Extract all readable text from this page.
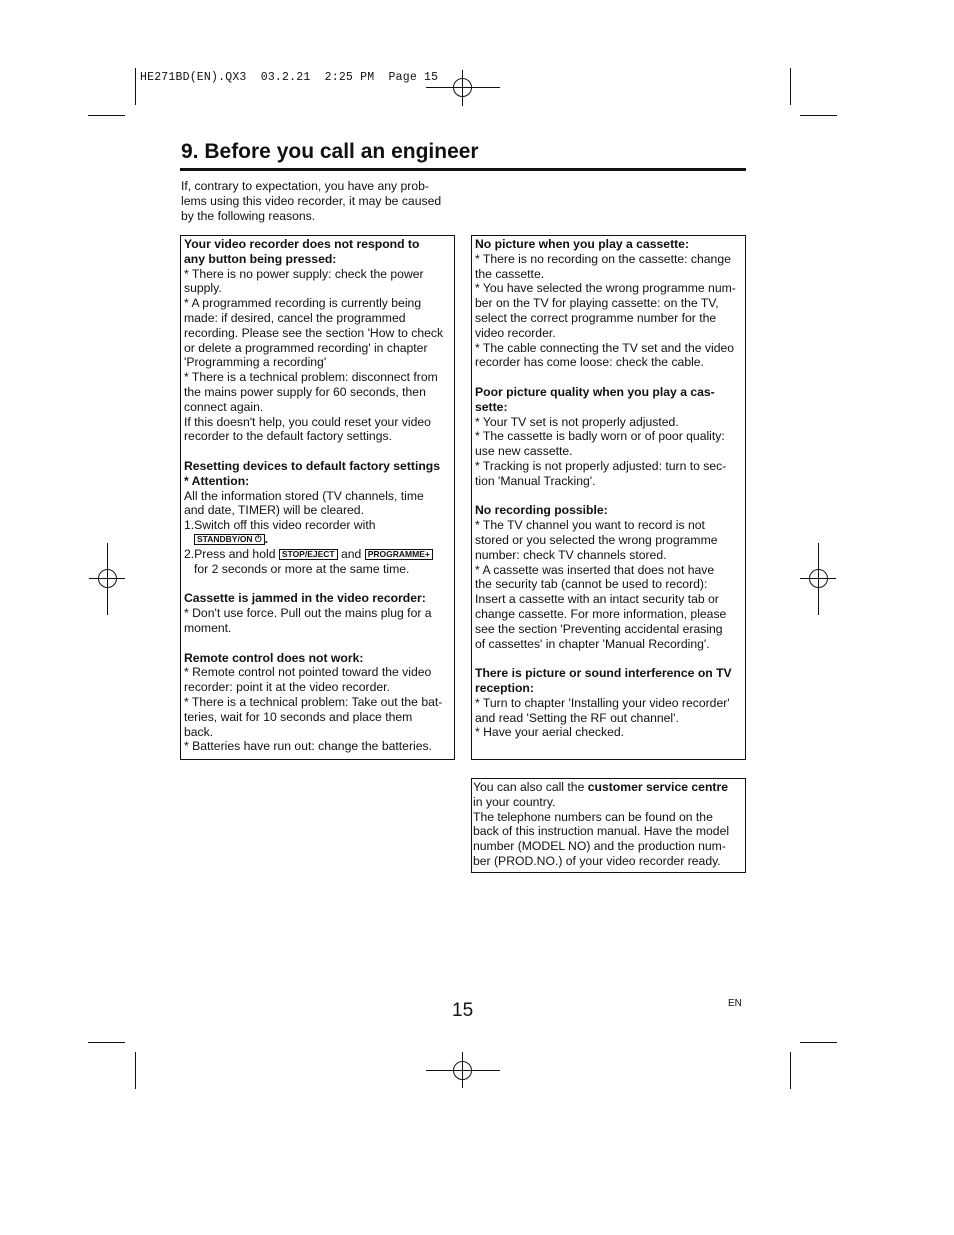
HE271BD(EN).QX3  03.2.21  2:25 PM  Page 15
9. Before you call an engineer
If, contrary to expectation, you have any prob-
lems using this video recorder, it may be caused
by the following reasons.

Your video recorder does not respond to
any button being pressed:

* There is no power supply: check the power

supply.

* A programmed recording is currently being

made: if desired, cancel the programmed

recording. Please see the section 'How to check

or delete a programmed recording' in chapter

'Programming a recording'

* There is a technical problem: disconnect from

the mains power supply for 60 seconds, then

connect again.

If this doesn't help, you could reset your video

recorder to the default factory settings.

Resetting devices to default factory settings
* Attention:

All the information stored (TV channels, time

and date, TIMER) will be cleared.

1.Switch off this video recorder with

STANDBY/ON ⏻ .

2.Press and hold STOP/EJECT and PROGRAMME+

for 2 seconds or more at the same time.

Cassette is jammed in the video recorder:

* Don't use force. Pull out the mains plug for a

moment.

Remote control does not work:

* Remote control not pointed toward the video

recorder: point it at the video recorder.

* There is a technical problem: Take out the bat-

teries, wait for 10 seconds and place them

back.

* Batteries have run out: change the batteries.

No picture when you play a cassette:

* There is no recording on the cassette: change

the cassette.

* You have selected the wrong programme num-

ber on the TV for playing cassette: on the TV,

select the correct programme number for the

video recorder.

* The cable connecting the TV set and the video

recorder has come loose: check the cable.

Poor picture quality when you play a cas-
sette:

* Your TV set is not properly adjusted.

* The cassette is badly worn or of poor quality:

use new cassette.

* Tracking is not properly adjusted: turn to sec-

tion 'Manual Tracking'.

No recording possible:

* The TV channel you want to record is not

stored or you selected the wrong programme

number: check TV channels stored.

* A cassette was inserted that does not have

the security tab (cannot be used to record):

Insert a cassette with an intact security tab or

change cassette. For more information, please

see the section 'Preventing accidental erasing

of cassettes' in chapter 'Manual Recording'.

There is picture or sound interference on TV
reception:

* Turn to chapter 'Installing your video recorder'

and read 'Setting the RF out channel'.

* Have your aerial checked.

You can also call the customer service centre

in your country.

The telephone numbers can be found on the

back of this instruction manual. Have the model

number (MODEL NO) and the production num-

ber (PROD.NO.) of your video recorder ready.

15	EN
